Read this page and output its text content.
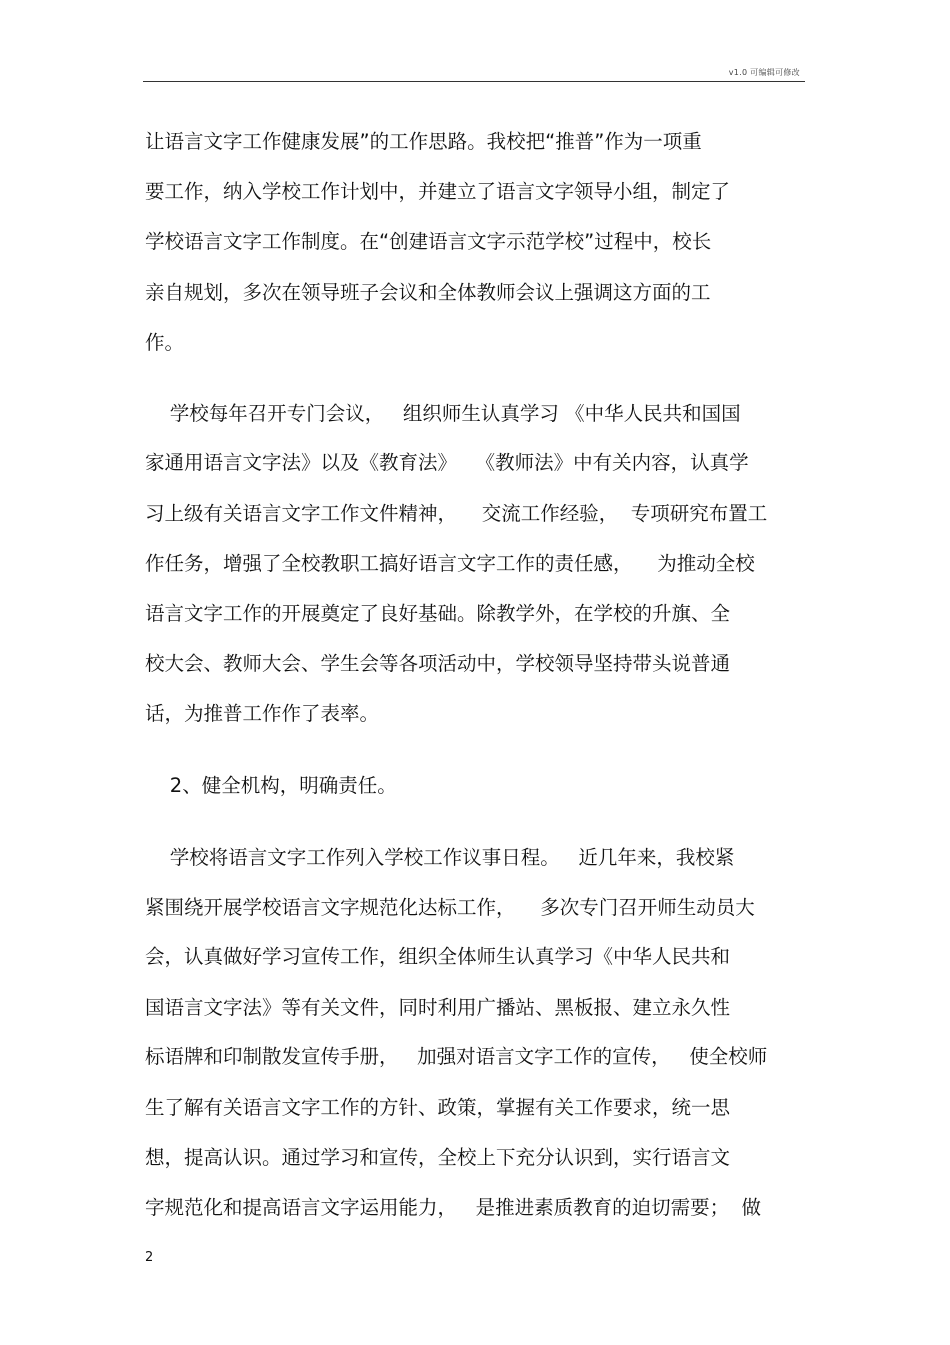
v1.0 可编辑可修改
让语言文字工作健康发展”的工作思路。我校把“推普”作为一项重
要工作，纳入学校工作计划中，并建立了语言文字领导小组，制定了
学校语言文字工作制度。在“创建语言文字示范学校”过程中，校长
亲自规划，多次在领导班子会议和全体教师会议上强调这方面的工
作。
学校每年召开专门会议，   组织师生认真学习 《中华人民共和国国
家通用语言文字法》以及《教育法》   《教师法》中有关内容，认真学
习上级有关语言文字工作文件精神，    交流工作经验，  专项研究布置工
作任务，增强了全校教职工搞好语言文字工作的责任感，    为推动全校
语言文字工作的开展奠定了良好基础。除教学外，在学校的升旗、全
校大会、教师大会、学生会等各项活动中，学校领导坚持带头说普通
话，为推普工作作了表率。
2、健全机构，明确责任。
学校将语言文字工作列入学校工作议事日程。   近几年来，我校紧
紧围绕开展学校语言文字规范化达标工作，    多次专门召开师生动员大
会，认真做好学习宣传工作，组织全体师生认真学习《中华人民共和
国语言文字法》等有关文件，同时利用广播站、黑板报、建立永久性
标语牌和印制散发宣传手册，   加强对语言文字工作的宣传，   使全校师
生了解有关语言文字工作的方针、政策，掌握有关工作要求，统一思
想，提高认识。通过学习和宣传，全校上下充分认识到，实行语言文
字规范化和提高语言文字运用能力，   是推进素质教育的迫切需要；  做
2
